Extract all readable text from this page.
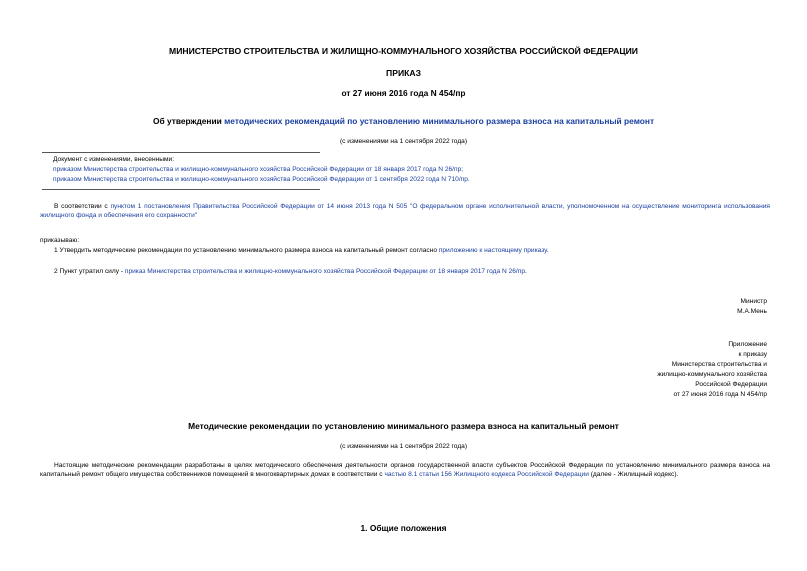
МИНИСТЕРСТВО СТРОИТЕЛЬСТВА И ЖИЛИЩНО-КОММУНАЛЬНОГО ХОЗЯЙСТВА РОССИЙСКОЙ ФЕДЕРАЦИИ
ПРИКАЗ
от 27 июня 2016 года N 454/пр
Об утверждении методических рекомендаций по установлению минимального размера взноса на капитальный ремонт
(с изменениями на 1 сентября 2022 года)
Документ с изменениями, внесенными:
приказом Министерства строительства и жилищно-коммунального хозяйства Российской Федерации от 18 января 2017 года N 26/пр;
приказом Министерства строительства и жилищно-коммунального хозяйства Российской Федерации от 1 сентября 2022 года N 710/пр.
В соответствии с пунктом 1 постановления Правительства Российской Федерации от 14 июня 2013 года N 505 "О федеральном органе исполнительной власти, уполномоченном на осуществление мониторинга использования жилищного фонда и обеспечения его сохранности"
приказываю:
1 Утвердить методические рекомендации по установлению минимального размера взноса на капитальный ремонт согласно приложению к настоящему приказу.
2 Пункт утратил силу - приказ Министерства строительства и жилищно-коммунального хозяйства Российской Федерации от 18 января 2017 года N 26/пр.
Министр
М.А.Мень
Приложение
к приказу
Министерства строительства и
жилищно-коммунального хозяйства
Российской Федерации
от 27 июня 2016 года N 454/пр
Методические рекомендации по установлению минимального размера взноса на капитальный ремонт
(с изменениями на 1 сентября 2022 года)
Настоящие методические рекомендации разработаны в целях методического обеспечения деятельности органов государственной власти субъектов Российской Федерации по установлению минимального размера взноса на капитальный ремонт общего имущества собственников помещений в многоквартирных домах в соответствии с частью 8.1 статьи 156 Жилищного кодекса Российской Федерации (далее - Жилищный кодекс).
1. Общие положения
